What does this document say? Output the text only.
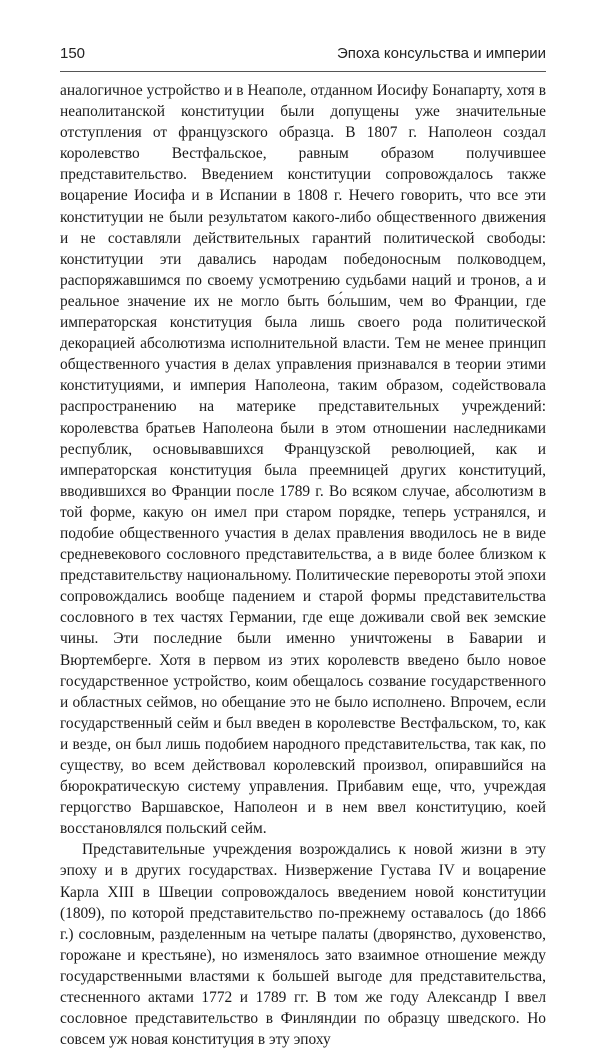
150	Эпоха консульства и империи

аналогичное устройство и в Неаполе, отданном Иосифу Бонапарту, хотя в неаполитанской конституции были допущены уже значительные отступления от французского образца. В 1807 г. Наполеон создал королевство Вестфальское, равным образом получившее представительство. Введением конституции сопровождалось также воцарение Иосифа и в Испании в 1808 г. Нечего говорить, что все эти конституции не были результатом какого-либо общественного движения и не составляли действительных гарантий политической свободы: конституции эти давались народам победоносным полководцем, распоряжавшимся по своему усмотрению судьбами наций и тронов, а и реальное значение их не могло быть бо́льшим, чем во Франции, где императорская конституция была лишь своего рода политической декорацией абсолютизма исполнительной власти. Тем не менее принцип общественного участия в делах управления признавался в теории этими конституциями, и империя Наполеона, таким образом, содействовала распространению на материке представительных учреждений: королевства братьев Наполеона были в этом отношении наследниками республик, основывавшихся Французской революцией, как и императорская конституция была преемницей других конституций, вводившихся во Франции после 1789 г. Во всяком случае, абсолютизм в той форме, какую он имел при старом порядке, теперь устранялся, и подобие общественного участия в делах правления вводилось не в виде средневекового сословного представительства, а в виде более близком к представительству национальному. Политические перевороты этой эпохи сопровождались вообще падением и старой формы представительства сословного в тех частях Германии, где еще доживали свой век земские чины. Эти последние были именно уничтожены в Баварии и Вюртемберге. Хотя в первом из этих королевств введено было новое государственное устройство, коим обещалось созвание государственного и областных сеймов, но обещание это не было исполнено. Впрочем, если государственный сейм и был введен в королевстве Вестфальском, то, как и везде, он был лишь подобием народного представительства, так как, по существу, во всем действовал королевский произвол, опиравшийся на бюрократическую систему управления. Прибавим еще, что, учреждая герцогство Варшавское, Наполеон и в нем ввел конституцию, коей восстановлялся польский сейм.

Представительные учреждения возрождались к новой жизни в эту эпоху и в других государствах. Низвержение Густава IV и воцарение Карла XIII в Швеции сопровождалось введением новой конституции (1809), по которой представительство по-прежнему оставалось (до 1866 г.) сословным, разделенным на четыре палаты (дворянство, духовенство, горожане и крестьяне), но изменялось зато взаимное отношение между государственными властями к большей выгоде для представительства, стесненного актами 1772 и 1789 гг. В том же году Александр I ввел сословное представительство в Финляндии по образцу шведского. Но совсем уж новая конституция в эту эпоху
